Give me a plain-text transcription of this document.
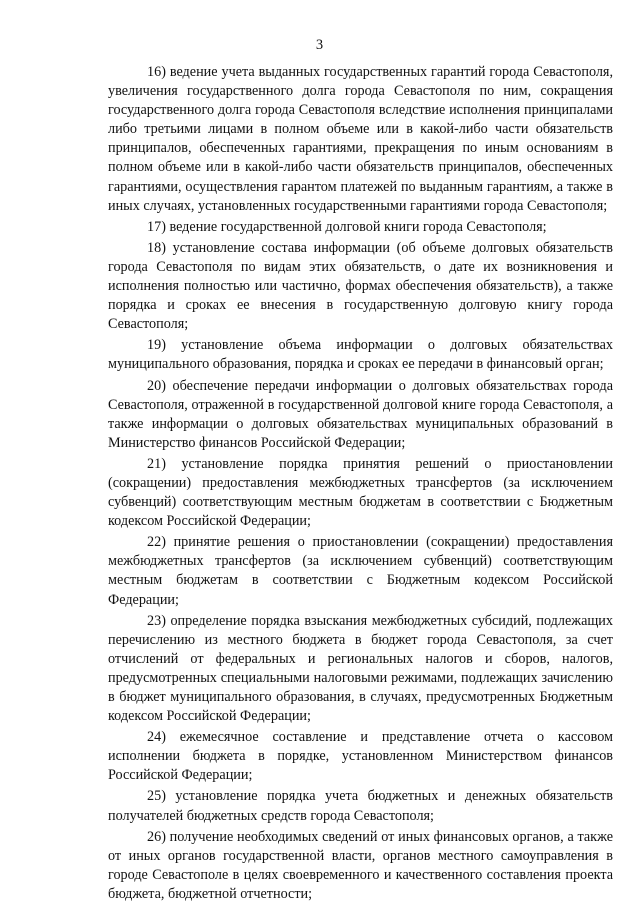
3

16) ведение учета выданных государственных гарантий города Севастополя, увеличения государственного долга города Севастополя по ним, сокращения государственного долга города Севастополя вследствие исполнения принципалами либо третьими лицами в полном объеме или в какой-либо части обязательств принципалов, обеспеченных гарантиями, прекращения по иным основаниям в полном объеме или в какой-либо части обязательств принципалов, обеспеченных гарантиями, осуществления гарантом платежей по выданным гарантиям, а также в иных случаях, установленных государственными гарантиями города Севастополя;

17) ведение государственной долговой книги города Севастополя;

18) установление состава информации (об объеме долговых обязательств города Севастополя по видам этих обязательств, о дате их возникновения и исполнения полностью или частично, формах обеспечения обязательств), а также порядка и сроках ее внесения в государственную долговую книгу города Севастополя;

19) установление объема информации о долговых обязательствах муниципального образования, порядка и сроках ее передачи в финансовый орган;

20) обеспечение передачи информации о долговых обязательствах города Севастополя, отраженной в государственной долговой книге города Севастополя, а также информации о долговых обязательствах муниципальных образований в Министерство финансов Российской Федерации;

21) установление порядка принятия решений о приостановлении (сокращении) предоставления межбюджетных трансфертов (за исключением субвенций) соответствующим местным бюджетам в соответствии с Бюджетным кодексом Российской Федерации;

22) принятие решения о приостановлении (сокращении) предоставления межбюджетных трансфертов (за исключением субвенций) соответствующим местным бюджетам в соответствии с Бюджетным кодексом Российской Федерации;

23) определение порядка взыскания межбюджетных субсидий, подлежащих перечислению из местного бюджета в бюджет города Севастополя, за счет отчислений от федеральных и региональных налогов и сборов, налогов, предусмотренных специальными налоговыми режимами, подлежащих зачислению в бюджет муниципального образования, в случаях, предусмотренных Бюджетным кодексом Российской Федерации;

24) ежемесячное составление и представление отчета о кассовом исполнении бюджета в порядке, установленном Министерством финансов Российской Федерации;

25) установление порядка учета бюджетных и денежных обязательств получателей бюджетных средств города Севастополя;

26) получение необходимых сведений от иных финансовых органов, а также от иных органов государственной власти, органов местного самоуправления в городе Севастополе в целях своевременного и качественного составления проекта бюджета, бюджетной отчетности;
